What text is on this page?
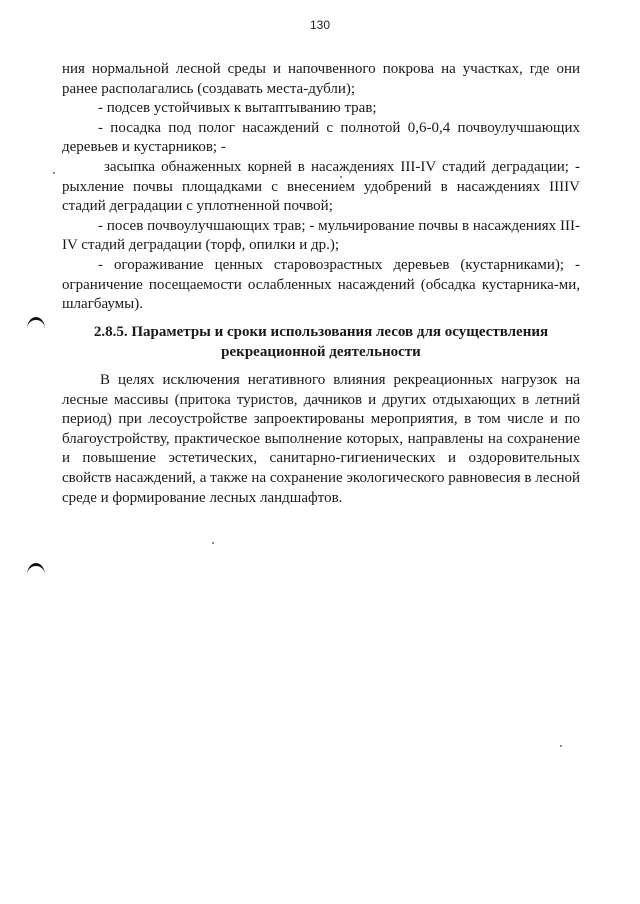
130

ния нормальной лесной среды и напочвенного покрова на участках, где они ранее располагались (создавать места-дубли);

- подсев устойчивых к вытаптыванию трав;

- посадка под полог насаждений с полнотой 0,6-0,4 почвоулучшающих деревьев и кустарников; -

засыпка обнаженных корней в насаждениях III-IV стадий деградации; - рыхление почвы площадками с внесением удобрений в насаждениях IIIIV стадий деградации с уплотненной почвой;

- посев почвоулучшающих трав; - мульчирование почвы в насаждениях III-IV стадий деградации (торф, опилки и др.);

- огораживание ценных старовозрастных деревьев (кустарниками); - ограничение посещаемости ослабленных насаждений (обсадка кустарника-ми, шлагбаумы).

2.8.5. Параметры и сроки использования лесов для осуществления рекреационной деятельности

В целях исключения негативного влияния рекреационных нагрузок на лесные массивы (притока туристов, дачников и других отдыхающих в летний период) при лесоустройстве запроектированы мероприятия, в том числе и по благоустройству, практическое выполнение которых, направлены на сохранение и повышение эстетических, санитарно-гигиенических и оздоровительных свойств насаждений, а также на сохранение экологического равновесия в лесной среде и формирование лесных ландшафтов.
